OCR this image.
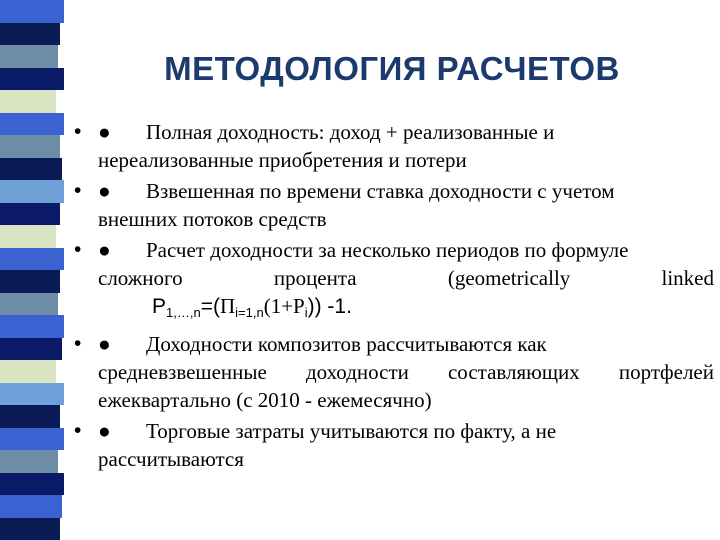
МЕТОДОЛОГИЯ РАСЧЕТОВ
• ● Полная доходность: доход + реализованные и
нереализованные приобретения и потери
• ● Взвешенная по времени ставка доходности с учетом
внешних потоков средств
• ● Расчет доходности за несколько периодов по формуле
сложного процента (geometrically linked
$P_{1,\dots,n}=(\Pi_{i=1,n}(1+P_i))$ -1.
• ● Доходности композитов рассчитываются как
средневзвешенные доходности составляющих портфелей
ежеквартально (с 2010 - ежемесячно)
• ● Торговые затраты учитываются по факту, а не
рассчитываются
